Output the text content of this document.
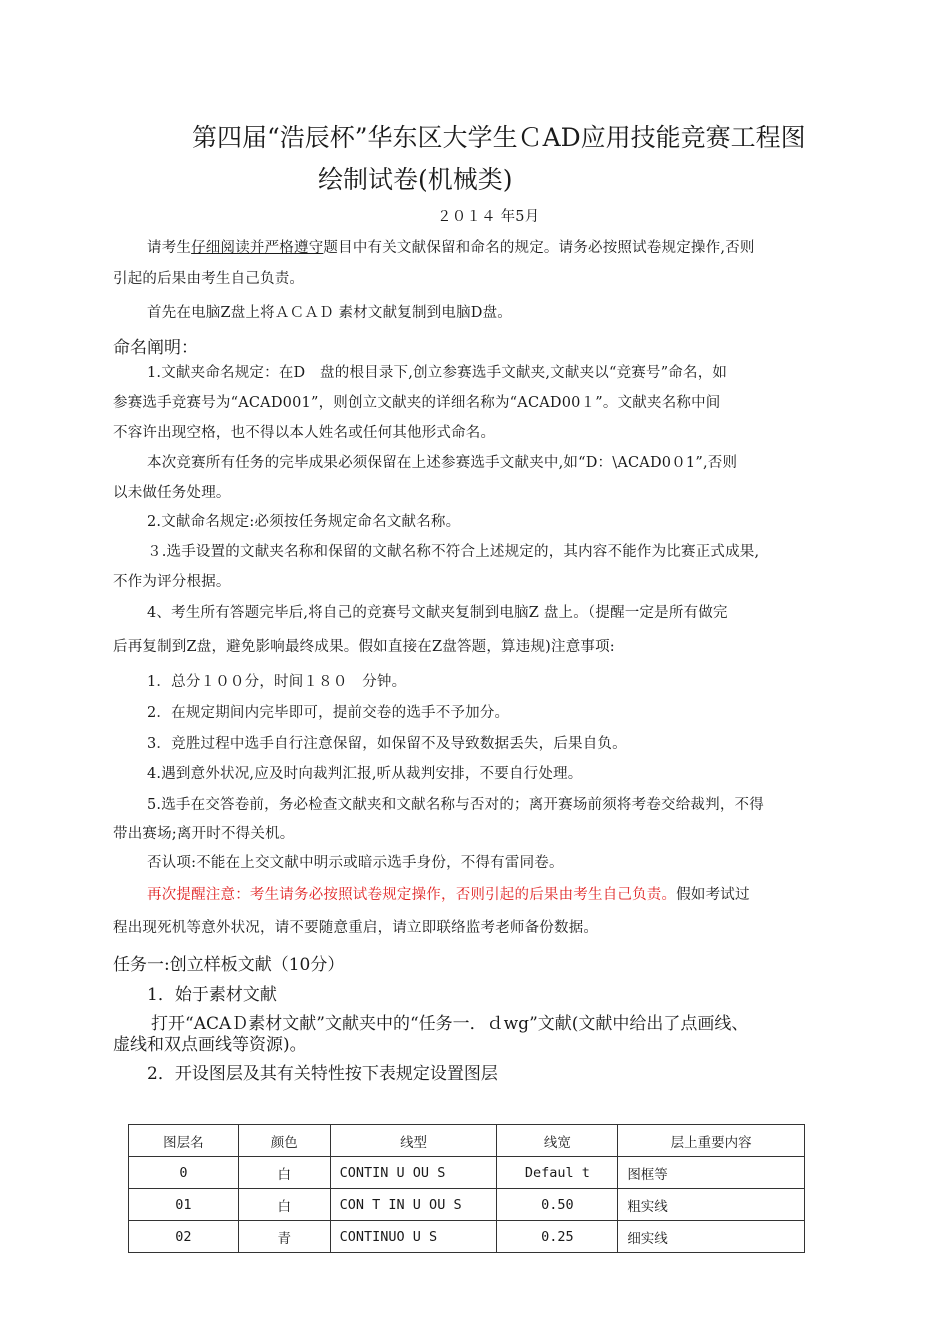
第四届“浩辰杯”华东区大学生ＣAD应用技能竞赛工程图
绘制试卷(机械类)
２０１４ 年5月
请考生仔细阅读并严格遵守题目中有关文献保留和命名的规定。请务必按照试卷规定操作,否则
引起的后果由考生自己负责。
首先在电脑Z盘上将ＡＣＡＤ 素材文献复制到电脑D盘。
命名阐明：
1.文献夹命名规定：在D　盘的根目录下,创立参赛选手文献夹,文献夹以“竞赛号”命名，如
参赛选手竞赛号为“ACAD001”，则创立文献夹的详细名称为“ACAD00１”。文献夹名称中间
不容许出现空格，也不得以本人姓名或任何其他形式命名。
本次竞赛所有任务的完毕成果必须保留在上述参赛选手文献夹中,如“D：\ACAD0０1”,否则
以未做任务处理。
2.文献命名规定:必须按任务规定命名文献名称。
３.选手设置的文献夹名称和保留的文献名称不符合上述规定的，其内容不能作为比赛正式成果,
不作为评分根据。
4、考生所有答题完毕后,将自己的竞赛号文献夹复制到电脑Z 盘上。（提醒一定是所有做完
后再复制到Z盘，避免影响最终成果。假如直接在Z盘答题，算违规)注意事项:
1．总分１００分，时间１８０　分钟。
2．在规定期间内完毕即可，提前交卷的选手不予加分。
3．竞胜过程中选手自行注意保留，如保留不及导致数据丢失，后果自负。
4.遇到意外状况,应及时向裁判汇报,听从裁判安排，不要自行处理。
5.选手在交答卷前，务必检查文献夹和文献名称与否对的；离开赛场前须将考卷交给裁判，不得
带出赛场;离开时不得关机。
否认项:不能在上交文献中明示或暗示选手身份，不得有雷同卷。
再次提醒注意：考生请务必按照试卷规定操作，否则引起的后果由考生自己负责。假如考试过
程出现死机等意外状况，请不要随意重启，请立即联络监考老师备份数据。
任务一:创立样板文献（10分）
1．始于素材文献
打开“ACAＤ素材文献”文献夹中的“任务一．ｄwg”文献(文献中给出了点画线、
虚线和双点画线等资源)。
2．开设图层及其有关特性按下表规定设置图层
图层名	颜色	线型	线宽	层上重要内容
0	白	CONTIN U OU S	Defaul t	图框等
01	白	CON T IN U OU S	0.50	粗实线
02	青	CONTINUO U S	0.25	细实线
